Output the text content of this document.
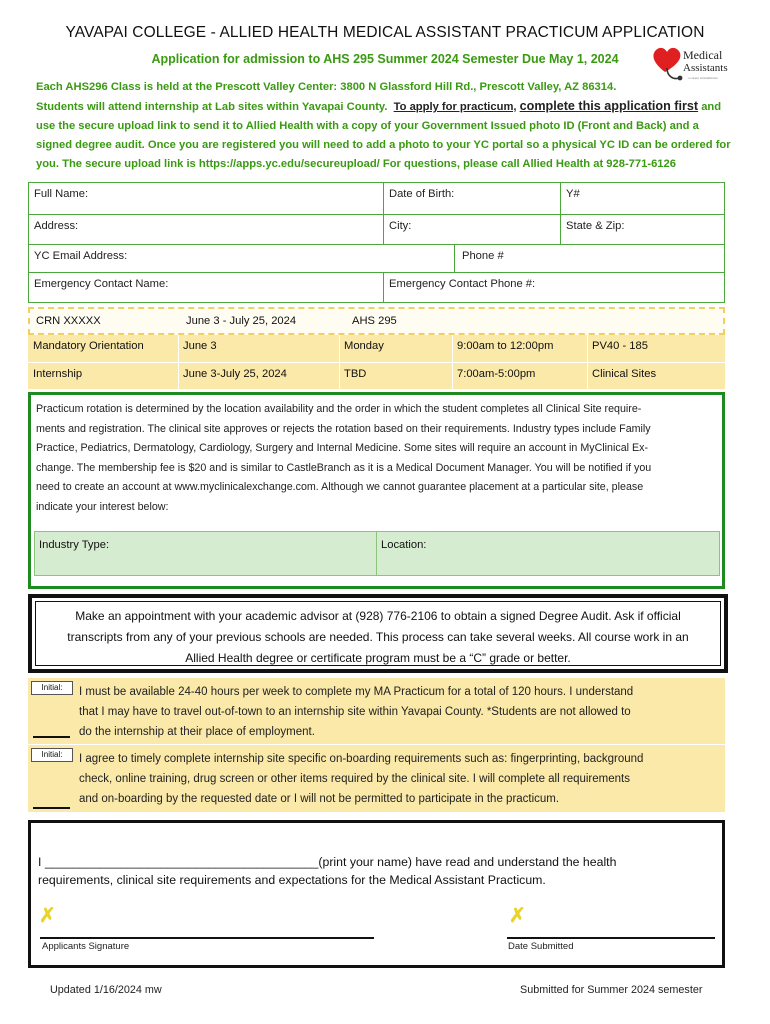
YAVAPAI COLLEGE - ALLIED HEALTH MEDICAL ASSISTANT PRACTICUM APPLICATION
Application for admission to AHS 295 Summer 2024 Semester Due May 1, 2024	Medical
Assistants
a career in healthcare
Each AHS296 Class is held at the Prescott Valley Center: 3800 N Glassford Hill Rd., Prescott Valley, AZ 86314.
Students will attend internship at Lab sites within Yavapai County. To apply for practicum, complete this application first and
use the secure upload link to send it to Allied Health with a copy of your Government Issued photo ID (Front and Back) and a
signed degree audit. Once you are registered you will need to add a photo to your YC portal so a physical YC ID can be ordered for
you. The secure upload link is https://apps.yc.edu/secureupload/ For questions, please call Allied Health at 928-771-6126
Full Name:	Date of Birth:	Y#
Address:	City:	State & Zip:
YC Email Address:	Phone #
Emergency Contact Name:	Emergency Contact Phone #:
CRN XXXXX	June 3 - July 25, 2024	AHS 295
Mandatory Orientation	June 3	Monday	9:00am to 12:00pm	PV40 - 185
Internship	June 3-July 25, 2024	TBD	7:00am-5:00pm	Clinical Sites
Practicum rotation is determined by the location availability and the order in which the student completes all Clinical Site require-
ments and registration. The clinical site approves or rejects the rotation based on their requirements. Industry types include Family
Practice, Pediatrics, Dermatology, Cardiology, Surgery and Internal Medicine. Some sites will require an account in MyClinical Ex-
change. The membership fee is $20 and is similar to CastleBranch as it is a Medical Document Manager. You will be notified if you
need to create an account at www.myclinicalexchange.com. Although we cannot guarantee placement at a particular site, please
indicate your interest below:
Industry Type:	Location:
Make an appointment with your academic advisor at (928) 776-2106 to obtain a signed Degree Audit. Ask if official
transcripts from any of your previous schools are needed. This process can take several weeks. All course work in an
Allied Health degree or certificate program must be a “C” grade or better.
Initial:	I must be available 24-40 hours per week to complete my MA Practicum for a total of 120 hours. I understand
that I may have to travel out-of-town to an internship site within Yavapai County. *Students are not allowed to
do the internship at their place of employment.
Initial:	I agree to timely complete internship site specific on-boarding requirements such as: fingerprinting, background
check, online training, drug screen or other items required by the clinical site. I will complete all requirements
and on-boarding by the requested date or I will not be permitted to participate in the practicum.
I ________________________________________(print your name) have read and understand the health
requirements, clinical site requirements and expectations for the Medical Assistant Practicum.
✗
Applicants Signature
✗
Date Submitted
Updated 1/16/2024 mw	Submitted for Summer 2024 semester
